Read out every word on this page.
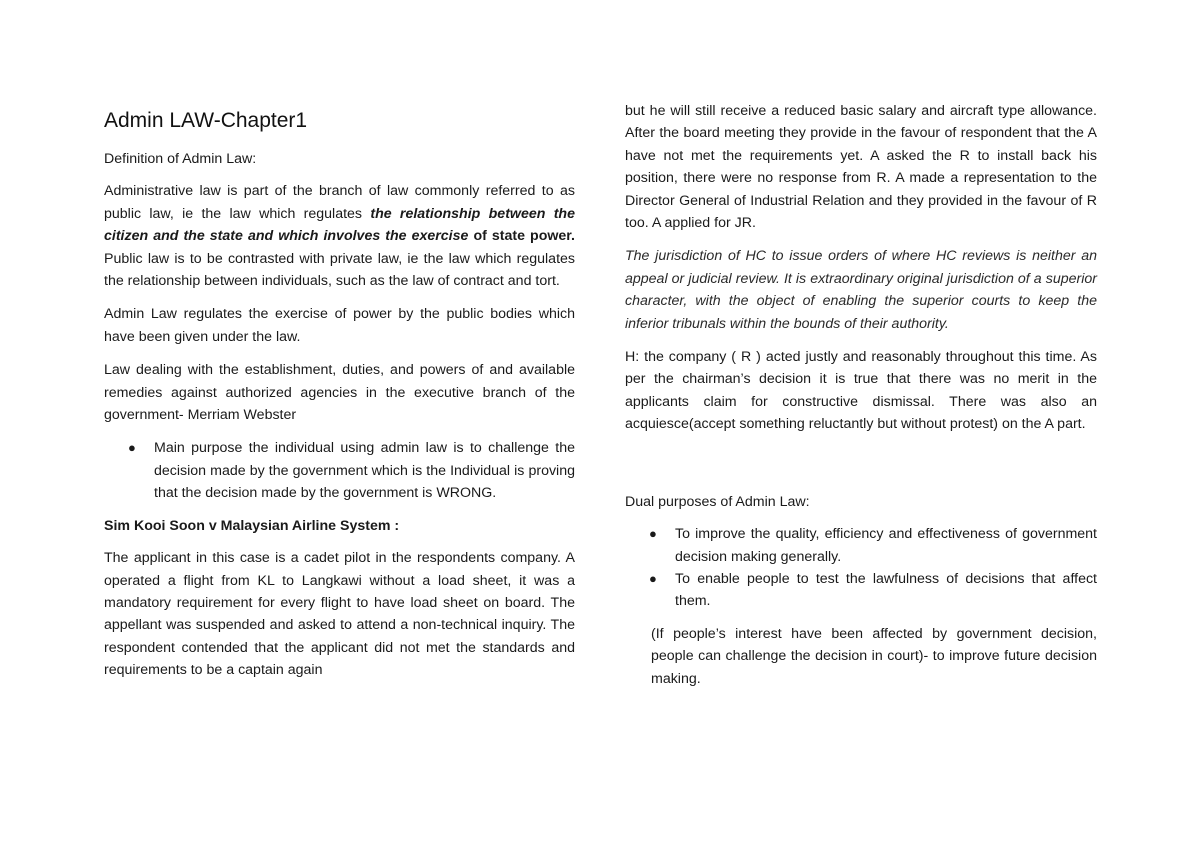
Admin LAW-Chapter1

Definition of Admin Law:

Administrative law is part of the branch of law commonly referred to as public law, ie the law which regulates the relationship between the citizen and the state and which involves the exercise of state power. Public law is to be contrasted with private law, ie the law which regulates the relationship between individuals, such as the law of contract and tort.

Admin Law regulates the exercise of power by the public bodies which have been given under the law.

Law dealing with the establishment, duties, and powers of and available remedies against authorized agencies in the executive branch of the government- Merriam Webster

● Main purpose the individual using admin law is to challenge the decision made by the government which is the Individual is proving that the decision made by the government is WRONG.

Sim Kooi Soon v Malaysian Airline System :

The applicant in this case is a cadet pilot in the respondents company. A operated a flight from KL to Langkawi without a load sheet, it was a mandatory requirement for every flight to have load sheet on board. The appellant was suspended and asked to attend a non-technical inquiry. The respondent contended that the applicant did not met the standards and requirements to be a captain again

but he will still receive a reduced basic salary and aircraft type allowance. After the board meeting they provide in the favour of respondent that the A have not met the requirements yet. A asked the R to install back his position, there were no response from R. A made a representation to the Director General of Industrial Relation and they provided in the favour of R too. A applied for JR.

The jurisdiction of HC to issue orders of where HC reviews is neither an appeal or judicial review. It is extraordinary original jurisdiction of a superior character, with the object of enabling the superior courts to keep the inferior tribunals within the bounds of their authority.

H: the company ( R ) acted justly and reasonably throughout this time. As per the chairman’s decision it is true that there was no merit in the applicants claim for constructive dismissal. There was also an acquiesce(accept something reluctantly but without protest) on the A part.

Dual purposes of Admin Law:

● To improve the quality, efficiency and effectiveness of government decision making generally.
● To enable people to test the lawfulness of decisions that affect them.

(If people’s interest have been affected by government decision, people can challenge the decision in court)- to improve future decision making.
